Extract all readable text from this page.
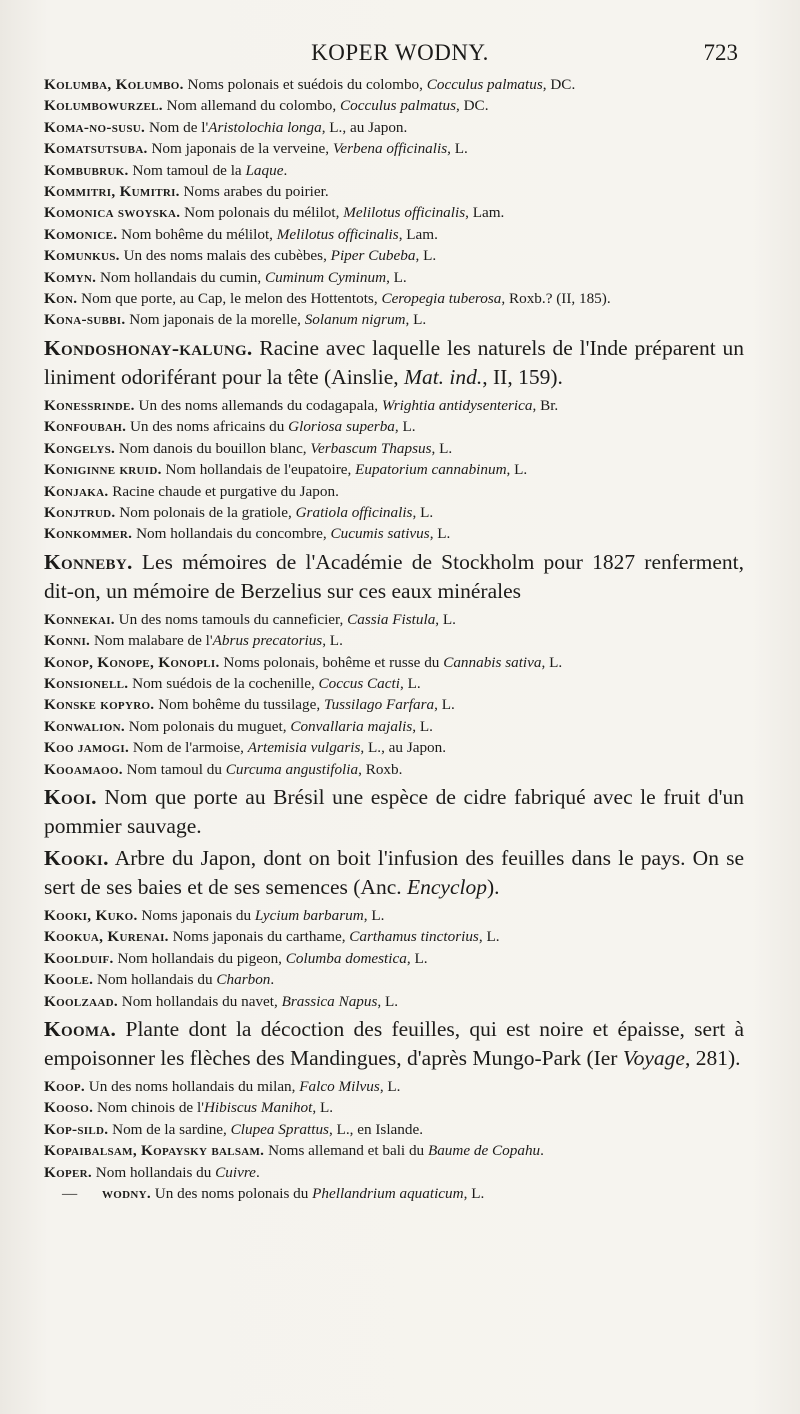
KOPER WODNY.	723

Kolumba, Kolumbo. Noms polonais et suédois du colombo, Cocculus palmatus, DC.

Kolumbowurzel. Nom allemand du colombo, Cocculus palmatus, DC.

Koma-no-susu. Nom de l'Aristolochia longa, L., au Japon.

Komatsutsuba. Nom japonais de la verveine, Verbena officinalis, L.

Kombubruk. Nom tamoul de la Laque.

Kommitri, Kumitri. Noms arabes du poirier.

Komonica swoyska. Nom polonais du mélilot, Melilotus officinalis, Lam.

Komonice. Nom bohême du mélilot, Melilotus officinalis, Lam.

Komunkus. Un des noms malais des cubèbes, Piper Cubeba, L.

Komyn. Nom hollandais du cumin, Cuminum Cyminum, L.

Kon. Nom que porte, au Cap, le melon des Hottentots, Ceropegia tuberosa, Roxb.? (II, 185).

Kona-subbi. Nom japonais de la morelle, Solanum nigrum, L.

Kondoshonay-kalung. Racine avec laquelle les naturels de l'Inde préparent un liniment odoriférant pour la tête (Ainslie, Mat. ind., II, 159).

Konessrinde. Un des noms allemands du codagapala, Wrightia antidysenterica, Br.

Konfoubah. Un des noms africains du Gloriosa superba, L.

Kongelys. Nom danois du bouillon blanc, Verbascum Thapsus, L.

Koniginne kruid. Nom hollandais de l'eupatoire, Eupatorium cannabinum, L.

Konjaka. Racine chaude et purgative du Japon.

Konjtrud. Nom polonais de la gratiole, Gratiola officinalis, L.

Konkommer. Nom hollandais du concombre, Cucumis sativus, L.

Konneby. Les mémoires de l'Académie de Stockholm pour 1827 renferment, dit-on, un mémoire de Berzelius sur ces eaux minérales

Konnekai. Un des noms tamouls du canneficier, Cassia Fistula, L.

Konni. Nom malabare de l'Abrus precatorius, L.

Konop, Konope, Konopli. Noms polonais, bohême et russe du Cannabis sativa, L.

Konsionell. Nom suédois de la cochenille, Coccus Cacti, L.

Konske kopyro. Nom bohême du tussilage, Tussilago Farfara, L.

Konwalion. Nom polonais du muguet, Convallaria majalis, L.

Koo jamogi. Nom de l'armoise, Artemisia vulgaris, L., au Japon.

Kooamaoo. Nom tamoul du Curcuma angustifolia, Roxb.

Kooi. Nom que porte au Brésil une espèce de cidre fabriqué avec le fruit d'un pommier sauvage.

Kooki. Arbre du Japon, dont on boit l'infusion des feuilles dans le pays. On se sert de ses baies et de ses semences (Anc. Encyclop).

Kooki, Kuko. Noms japonais du Lycium barbarum, L.

Kookua, Kurenai. Noms japonais du carthame, Carthamus tinctorius, L.

Koolduif. Nom hollandais du pigeon, Columba domestica, L.

Koole. Nom hollandais du Charbon.

Koolzaad. Nom hollandais du navet, Brassica Napus, L.

Kooma. Plante dont la décoction des feuilles, qui est noire et épaisse, sert à empoisonner les flèches des Mandingues, d'après Mungo-Park (Ier Voyage, 281).

Koop. Un des noms hollandais du milan, Falco Milvus, L.

Kooso. Nom chinois de l'Hibiscus Manihot, L.

Kop-sild. Nom de la sardine, Clupea Sprattus, L., en Islande.

Kopaibalsam, Kopaysky balsam. Noms allemand et bali du Baume de Copahu.

Koper. Nom hollandais du Cuivre.

— wodny. Un des noms polonais du Phellandrium aquaticum, L.
